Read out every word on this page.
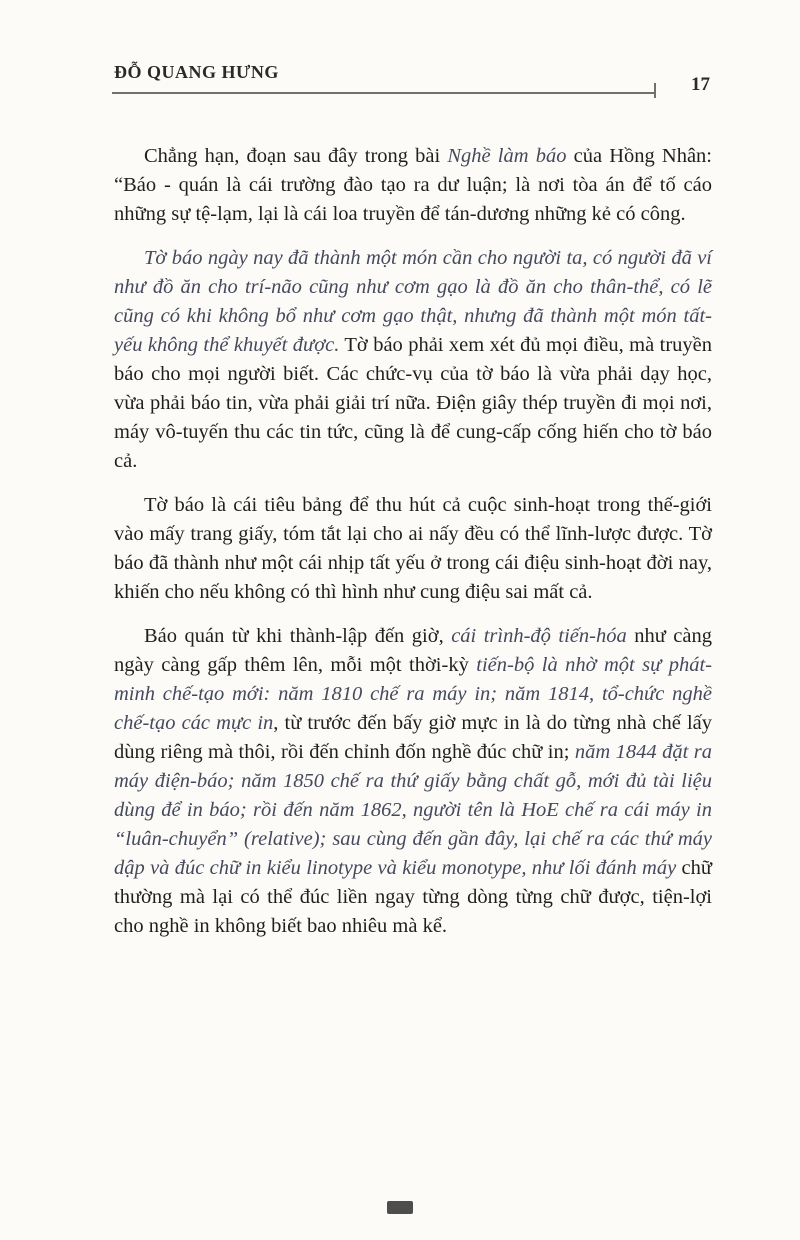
ĐỖ QUANG HƯNG
17

Chẳng hạn, đoạn sau đây trong bài Nghề làm báo của Hồng Nhân: “Báo - quán là cái trường đào tạo ra dư luận; là nơi tòa án để tố cáo những sự tệ-lạm, lại là cái loa truyền để tán-dương những kẻ có công.

Tờ báo ngày nay đã thành một món cần cho người ta, có người đã ví như đồ ăn cho trí-não cũng như cơm gạo là đồ ăn cho thân-thể, có lẽ cũng có khi không bổ như cơm gạo thật, nhưng đã thành một món tất-yếu không thể khuyết được. Tờ báo phải xem xét đủ mọi điều, mà truyền báo cho mọi người biết. Các chức-vụ của tờ báo là vừa phải dạy học, vừa phải báo tin, vừa phải giải trí nữa. Điện giây thép truyền đi mọi nơi, máy vô-tuyến thu các tin tức, cũng là để cung-cấp cống hiến cho tờ báo cả.

Tờ báo là cái tiêu bảng để thu hút cả cuộc sinh-hoạt trong thế-giới vào mấy trang giấy, tóm tắt lại cho ai nấy đều có thể lĩnh-lược được. Tờ báo đã thành như một cái nhịp tất yếu ở trong cái điệu sinh-hoạt đời nay, khiến cho nếu không có thì hình như cung điệu sai mất cả.

Báo quán từ khi thành-lập đến giờ, cái trình-độ tiến-hóa như càng ngày càng gấp thêm lên, mỗi một thời-kỳ tiến-bộ là nhờ một sự phát-minh chế-tạo mới: năm 1810 chế ra máy in; năm 1814, tổ-chức nghề chế-tạo các mực in, từ trước đến bấy giờ mực in là do từng nhà chế lấy dùng riêng mà thôi, rồi đến chỉnh đốn nghề đúc chữ in; năm 1844 đặt ra máy điện-báo; năm 1850 chế ra thứ giấy bằng chất gỗ, mới đủ tài liệu dùng để in báo; rồi đến năm 1862, người tên là HoE chế ra cái máy in “luân-chuyển” (relative); sau cùng đến gần đây, lại chế ra các thứ máy dập và đúc chữ in kiểu linotype và kiểu monotype, như lối đánh máy chữ thường mà lại có thể đúc liền ngay từng dòng từng chữ được, tiện-lợi cho nghề in không biết bao nhiêu mà kể.
